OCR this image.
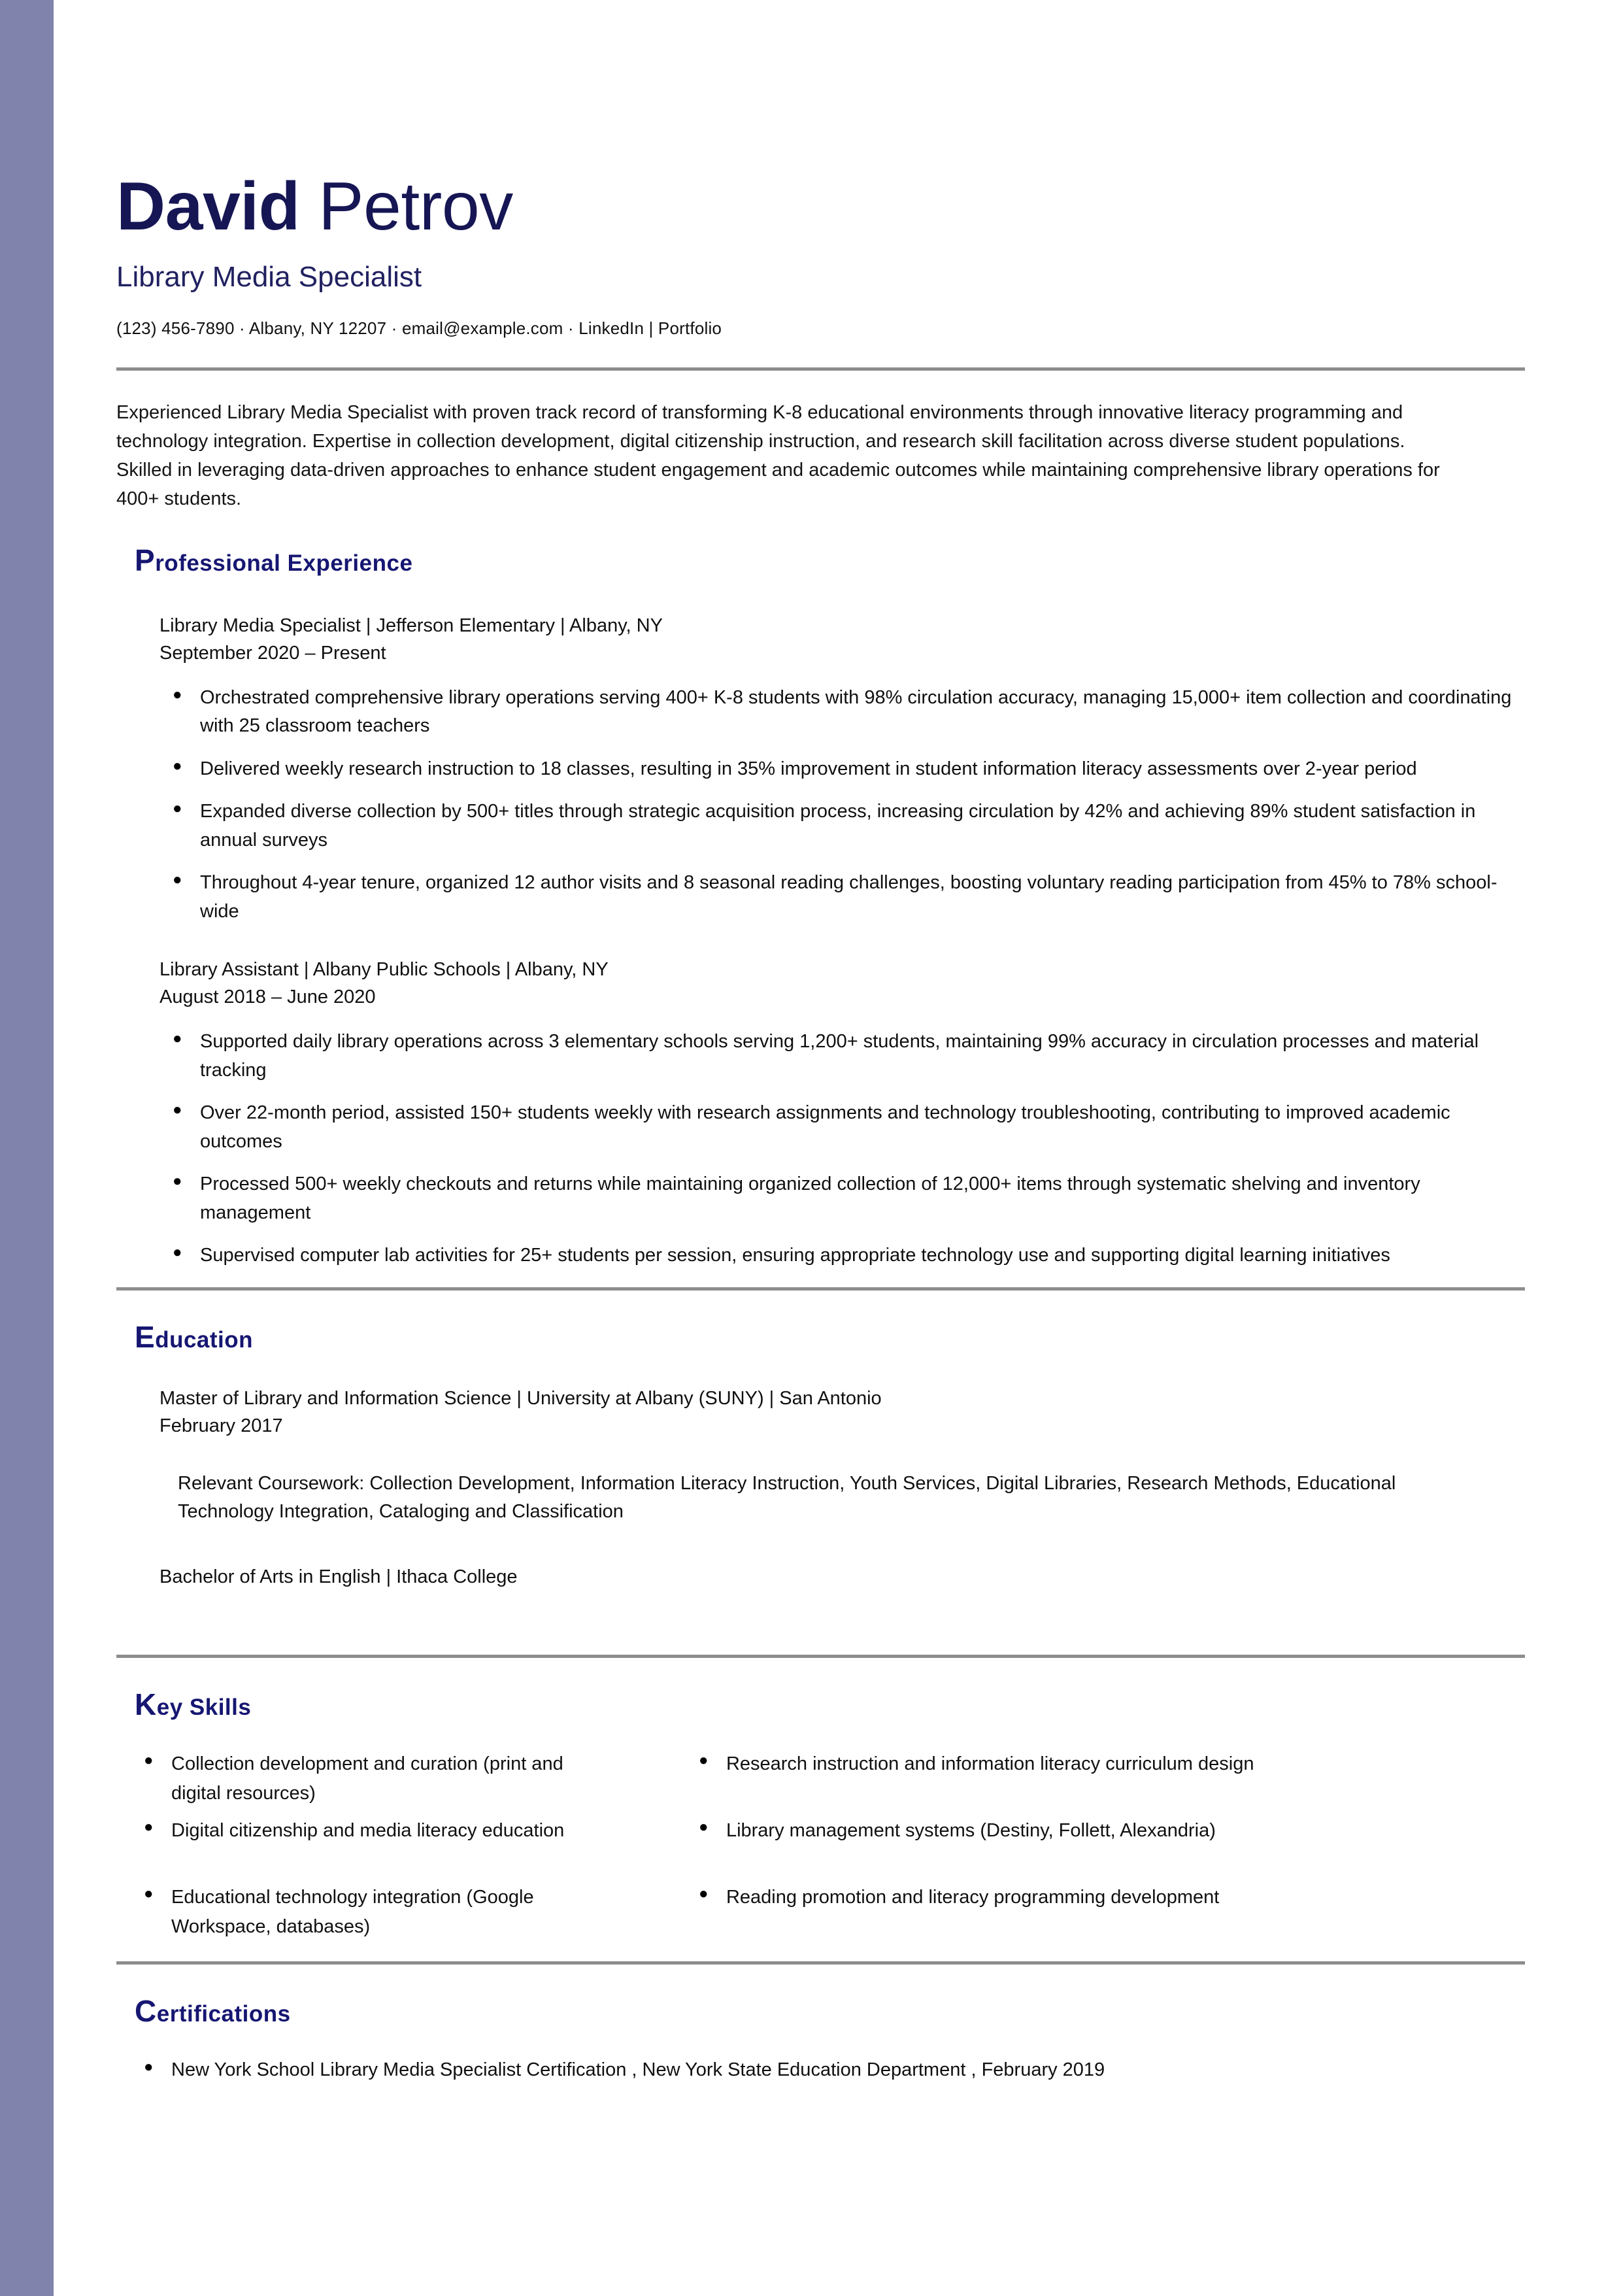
David Petrov
Library Media Specialist
(123) 456-7890 · Albany, NY 12207 · email@example.com · LinkedIn | Portfolio
Experienced Library Media Specialist with proven track record of transforming K-8 educational environments through innovative literacy programming and technology integration. Expertise in collection development, digital citizenship instruction, and research skill facilitation across diverse student populations. Skilled in leveraging data-driven approaches to enhance student engagement and academic outcomes while maintaining comprehensive library operations for 400+ students.
Professional Experience
Library Media Specialist | Jefferson Elementary | Albany, NY
September 2020 – Present
● Orchestrated comprehensive library operations serving 400+ K-8 students with 98% circulation accuracy, managing 15,000+ item collection and coordinating with 25 classroom teachers
● Delivered weekly research instruction to 18 classes, resulting in 35% improvement in student information literacy assessments over 2-year period
● Expanded diverse collection by 500+ titles through strategic acquisition process, increasing circulation by 42% and achieving 89% student satisfaction in annual surveys
● Throughout 4-year tenure, organized 12 author visits and 8 seasonal reading challenges, boosting voluntary reading participation from 45% to 78% school-wide
Library Assistant | Albany Public Schools | Albany, NY
August 2018 – June 2020
● Supported daily library operations across 3 elementary schools serving 1,200+ students, maintaining 99% accuracy in circulation processes and material tracking
● Over 22-month period, assisted 150+ students weekly with research assignments and technology troubleshooting, contributing to improved academic outcomes
● Processed 500+ weekly checkouts and returns while maintaining organized collection of 12,000+ items through systematic shelving and inventory management
● Supervised computer lab activities for 25+ students per session, ensuring appropriate technology use and supporting digital learning initiatives
Education
Master of Library and Information Science | University at Albany (SUNY) | San Antonio
February 2017
Relevant Coursework: Collection Development, Information Literacy Instruction, Youth Services, Digital Libraries, Research Methods, Educational Technology Integration, Cataloging and Classification
Bachelor of Arts in English | Ithaca College
Key Skills
● Collection development and curation (print and digital resources)
● Digital citizenship and media literacy education
● Educational technology integration (Google Workspace, databases)
● Research instruction and information literacy curriculum design
● Library management systems (Destiny, Follett, Alexandria)
● Reading promotion and literacy programming development
Certifications
● New York School Library Media Specialist Certification , New York State Education Department , February 2019
